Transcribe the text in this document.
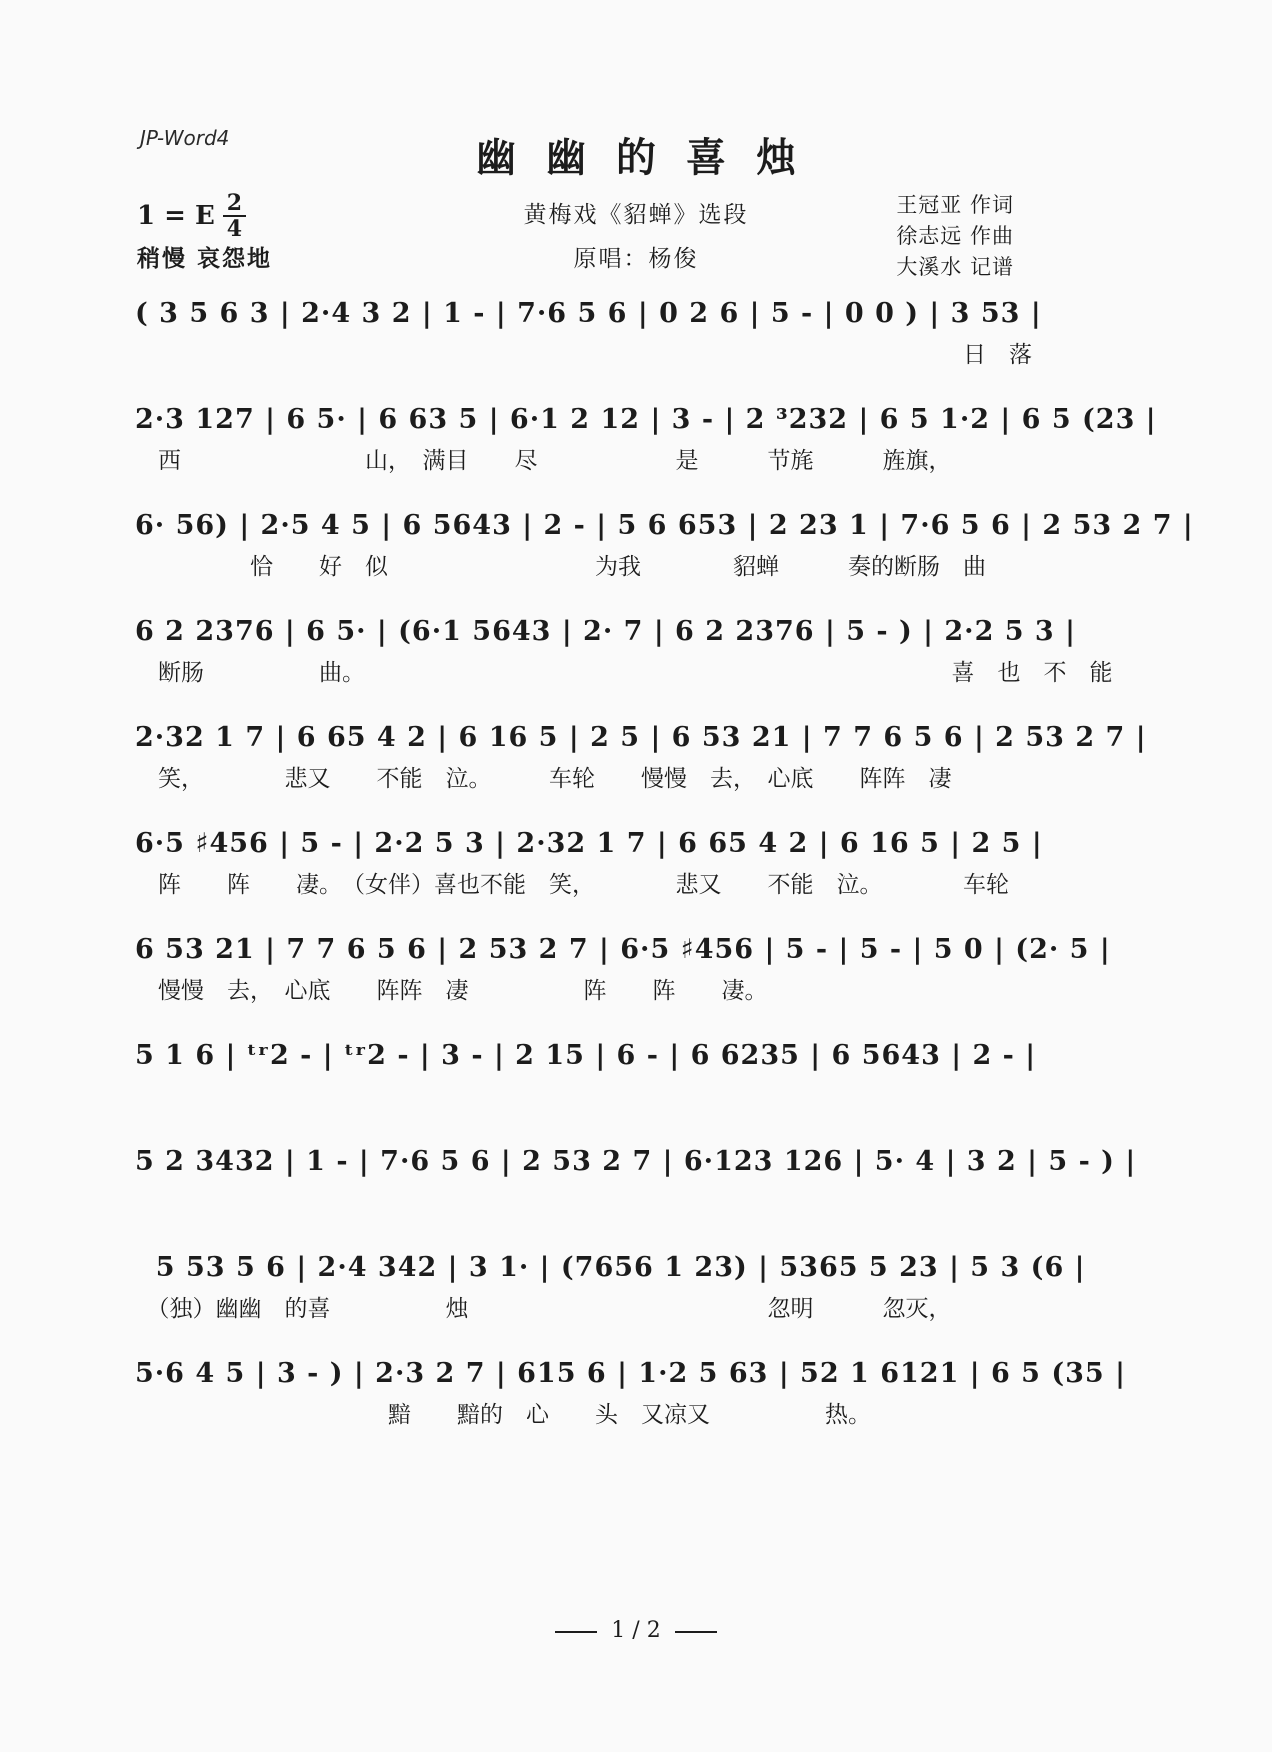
JP-Word4	幽幽的喜烛
1 = E $\frac{2}{4}$
稍慢 哀怨地
黄梅戏《貂蝉》选段
原唱：杨俊
王冠亚 作词
徐志远 作曲
大溪水 记谱
( 3 5 6 3 | 2·4 3 2 | 1 - | 7·6 5 6 | 0 2 6 | 5 - | 0 0 ) | 3 53 |
　　　　　　　　　　　　　　　　　　　　　　　　　　　　　　　　　　　　日　落
2·3 127 | 6 5· | 6 63 5 | 6·1 2 12 | 3 - | 2 ³232 | 6 5 1·2 | 6 5 (23 |
　西　　　　　　　　山，　满目　　尽　　　　　　是　　　节旄　　　旌旗，
6· 56) | 2·5 4 5 | 6 5643 | 2 - | 5 6 653 | 2 23 1 | 7·6 5 6 | 2 53 2 7 |
　　　　　恰　　好　似　　　　　　　　　为我　　　　貂蝉　　　奏的断肠　曲
6 2 2376 | 6 5· | (6·1 5643 | 2· 7 | 6 2 2376 | 5 - ) | 2·2 5 3 |
　断肠　　　　　曲。　　　　　　　　　　　　　　　　　　　　　　　　　　喜　也　不　能
2·32 1 7 | 6 65 4 2 | 6 16 5 | 2 5 | 6 53 21 | 7 7 6 5 6 | 2 53 2 7 |
　笑，　　　　悲又　　不能　泣。　　　车轮　　慢慢　去，　心底　　阵阵　凄
6·5 ♯456 | 5 - | 2·2 5 3 | 2·32 1 7 | 6 65 4 2 | 6 16 5 | 2 5 |
　阵　　阵　　凄。　（女伴）喜也不能　笑，　　　　悲又　　不能　泣。　　　　车轮
6 53 21 | 7 7 6 5 6 | 2 53 2 7 | 6·5 ♯456 | 5 - | 5 - | 5 0 | (2· 5 |
　慢慢　去，　心底　　阵阵　凄　　　　　阵　　阵　　凄。
5 1 6 | ᵗʳ2 - | ᵗʳ2 - | 3 - | 2 15 | 6 - | 6 6235 | 6 5643 | 2 - |
5 2 3432 | 1 - | 7·6 5 6 | 2 53 2 7 | 6·123 126 | 5· 4 | 3 2 | 5 - ) |
5 53 5 6 | 2·4 342 | 3 1· | (7656 1 23) | 5365 5 23 | 5 3 (6 |
　（独）幽幽　的喜　　　　　烛　　　　　　　　　　　　　忽明　　　忽灭，
5·6 4 5 | 3 - ) | 2·3 2 7 | 615 6 | 1·2 5 63 | 52 1 6121 | 6 5 (35 |
　　　　　　　　　　　黯　　黯的　心　　头　又凉又　　　　　热。
1 / 2
